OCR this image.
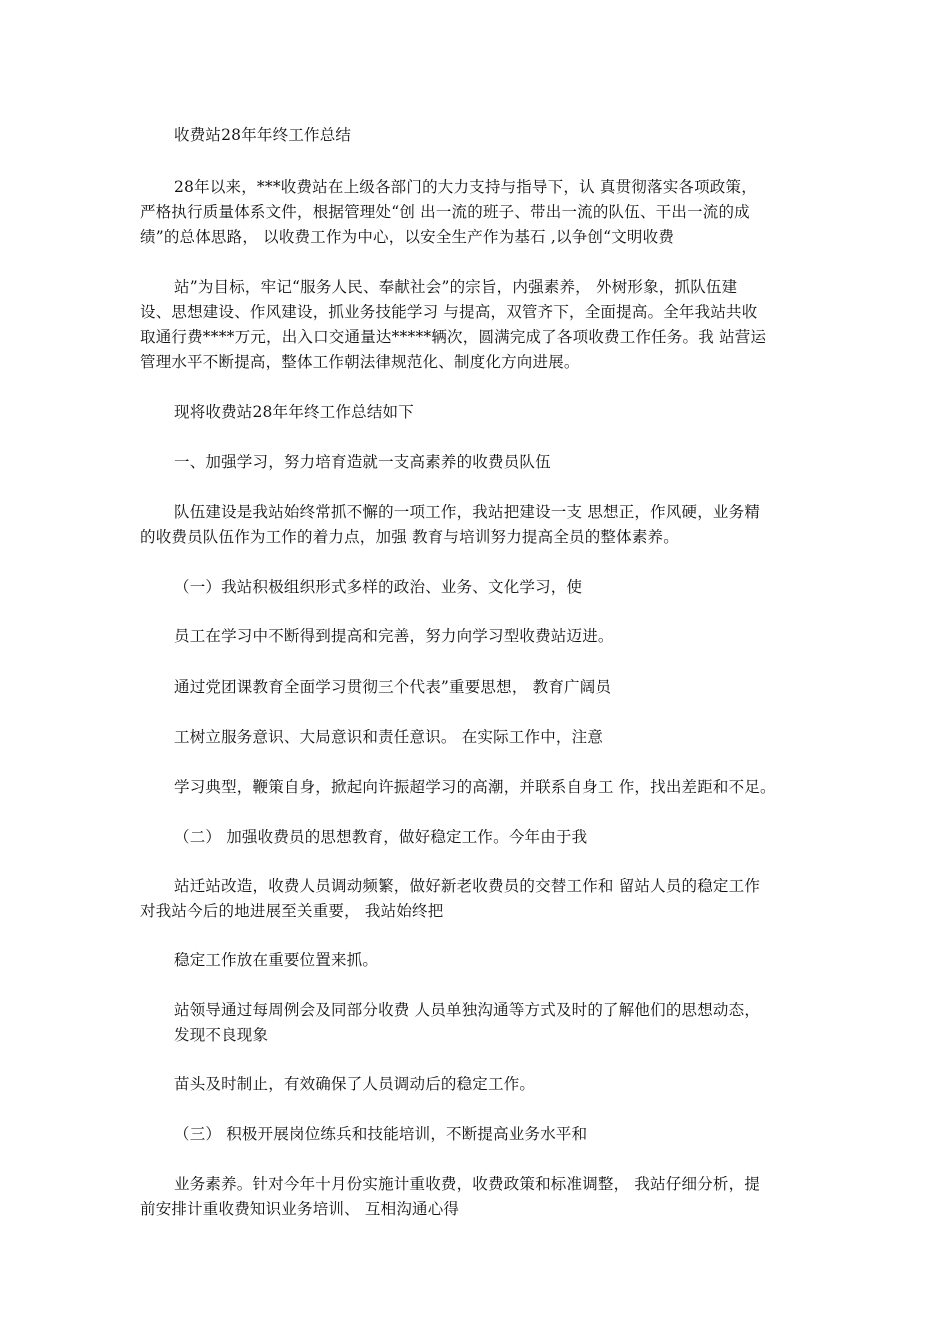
收费站28年年终工作总结

28年以来，***收费站在上级各部门的大力支持与指导下，认 真贯彻落实各项政策，

严格执行质量体系文件，根据管理处“创 出一流的班子、带出一流的队伍、干出一流的成

绩”的总体思路， 以收费工作为中心，以安全生产作为基石 ,以争创“文明收费

站”为目标，牢记“服务人民、奉献社会”的宗旨，内强素养， 外树形象，抓队伍建

设、思想建设、作风建设，抓业务技能学习 与提高，双管齐下，全面提高。全年我站共收

取通行费****万元，出入口交通量达*****辆次，圆满完成了各项收费工作任务。我 站营运

管理水平不断提高，整体工作朝法律规范化、制度化方向进展。

现将收费站28年年终工作总结如下

一、加强学习，努力培育造就一支高素养的收费员队伍

队伍建设是我站始终常抓不懈的一项工作，我站把建设一支 思想正，作风硬，业务精

的收费员队伍作为工作的着力点，加强 教育与培训努力提高全员的整体素养。

（一）我站积极组织形式多样的政治、业务、文化学习，使

员工在学习中不断得到提高和完善，努力向学习型收费站迈进。

通过党团课教育全面学习贯彻三个代表”重要思想， 教育广阔员

工树立服务意识、大局意识和责任意识。 在实际工作中，注意

学习典型，鞭策自身，掀起向许振超学习的高潮，并联系自身工 作，找出差距和不足。

（二） 加强收费员的思想教育，做好稳定工作。今年由于我

站迁站改造，收费人员调动频繁，做好新老收费员的交替工作和 留站人员的稳定工作

对我站今后的地进展至关重要， 我站始终把

稳定工作放在重要位置来抓。

站领导通过每周例会及同部分收费 人员单独沟通等方式及时的了解他们的思想动态，

发现不良现象

苗头及时制止，有效确保了人员调动后的稳定工作。

（三） 积极开展岗位练兵和技能培训，不断提高业务水平和

业务素养。针对今年十月份实施计重收费，收费政策和标准调整， 我站仔细分析，提

前安排计重收费知识业务培训、 互相沟通心得
